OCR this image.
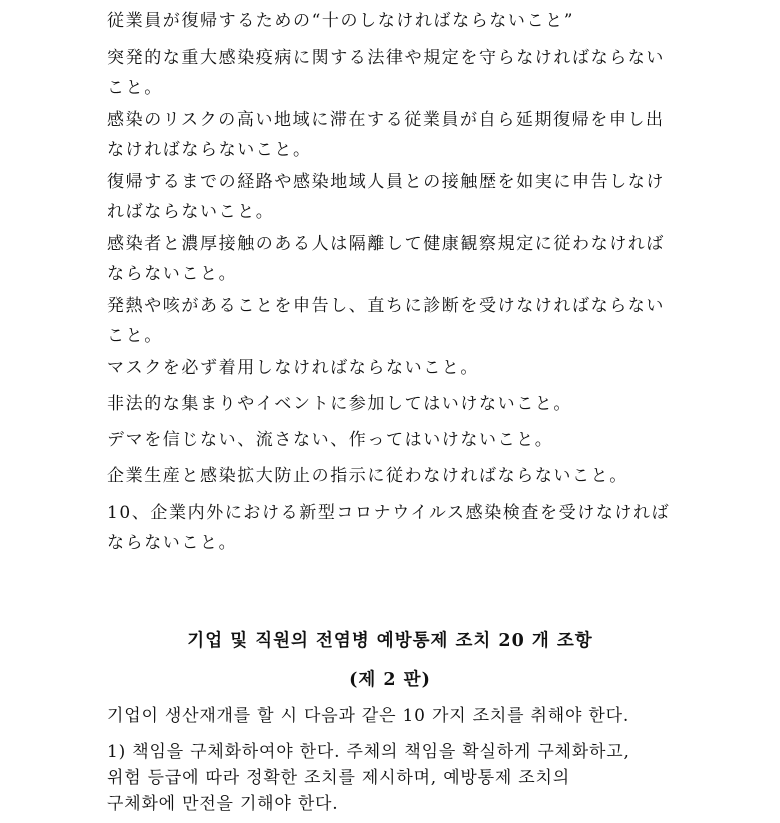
従業員が復帰するための“十のしなければならないこと”
突発的な重大感染疫病に関する法律や規定を守らなければならないこと。
感染のリスクの高い地域に滞在する従業員が自ら延期復帰を申し出なければならないこと。
復帰するまでの経路や感染地域人員との接触歴を如実に申告しなければならないこと。
感染者と濃厚接触のある人は隔離して健康観察規定に従わなければならないこと。
発熱や咳があることを申告し、直ちに診断を受けなければならないこと。
マスクを必ず着用しなければならないこと。
非法的な集まりやイベントに参加してはいけないこと。
デマを信じない、流さない、作ってはいけないこと。
企業生産と感染拡大防止の指示に従わなければならないこと。
10、企業内外における新型コロナウイルス感染検査を受けなければならないこと。
기업 및 직원의 전염병 예방통제 조치 20 개 조항
(제 2 판)
기업이 생산재개를 할 시 다음과 같은 10 가지 조치를 취해야 한다.
1) 책임을 구체화하여야 한다. 주체의 책임을 확실하게 구체화하고,
위험 등급에 따라 정확한 조치를 제시하며, 예방통제 조치의
구체화에 만전을 기해야 한다.
